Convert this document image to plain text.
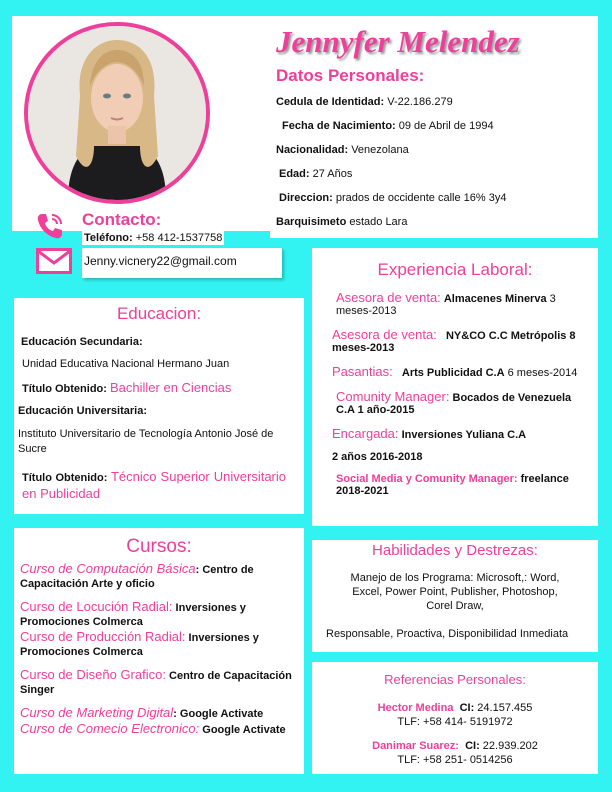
Jennyfer Melendez
Datos Personales:

Cedula de Identidad: V-22.186.279

Fecha de Nacimiento: 09 de Abril de 1994

Nacionalidad: Venezolana

Edad: 27 Años

Direccion: prados de occidente calle 16% 3y4

Barquisimeto estado Lara

Contacto:
Teléfono: +58 412-1537758
Jenny.vicnery22@gmail.com
Educacion:

Educación Secundaria:

Unidad Educativa Nacional Hermano Juan

Título Obtenido: Bachiller en Ciencias

Educación Universitaria:

Instituto Universitario de Tecnología Antonio José de Sucre

Título Obtenido: Técnico Superior Universitario en Publicidad

Experiencia Laboral:

Asesora de venta: Almacenes Minerva 3 meses-2013

Asesora de venta: NY&CO C.C Metrópolis 8 meses-2013

Pasantias: Arts Publicidad C.A 6 meses-2014

Comunity Manager: Bocados de Venezuela C.A 1 año-2015

Encargada: Inversiones Yuliana C.A

2 años 2016-2018

Social Media y Comunity Manager: freelance 2018-2021

Cursos:

Curso de Computación Básica: Centro de Capacitación Arte y oficio

Curso de Locución Radial: Inversiones y Promociones Colmerca

Curso de Producción Radial: Inversiones y Promociones Colmerca

Curso de Diseño Grafico: Centro de Capacitación Singer

Curso de Marketing Digital: Google Activate

Curso de Comecio Electronico: Google Activate

Habilidades y Destrezas:

Manejo de los Programa: Microsoft,: Word, Excel, Power Point, Publisher, Photoshop, Corel Draw,

Responsable, Proactiva, Disponibilidad Inmediata

Referencias Personales:

Hector Medina CI: 24.157.455

TLF: +58 414- 5191972

Danimar Suarez: CI: 22.939.202

TLF: +58 251- 0514256
